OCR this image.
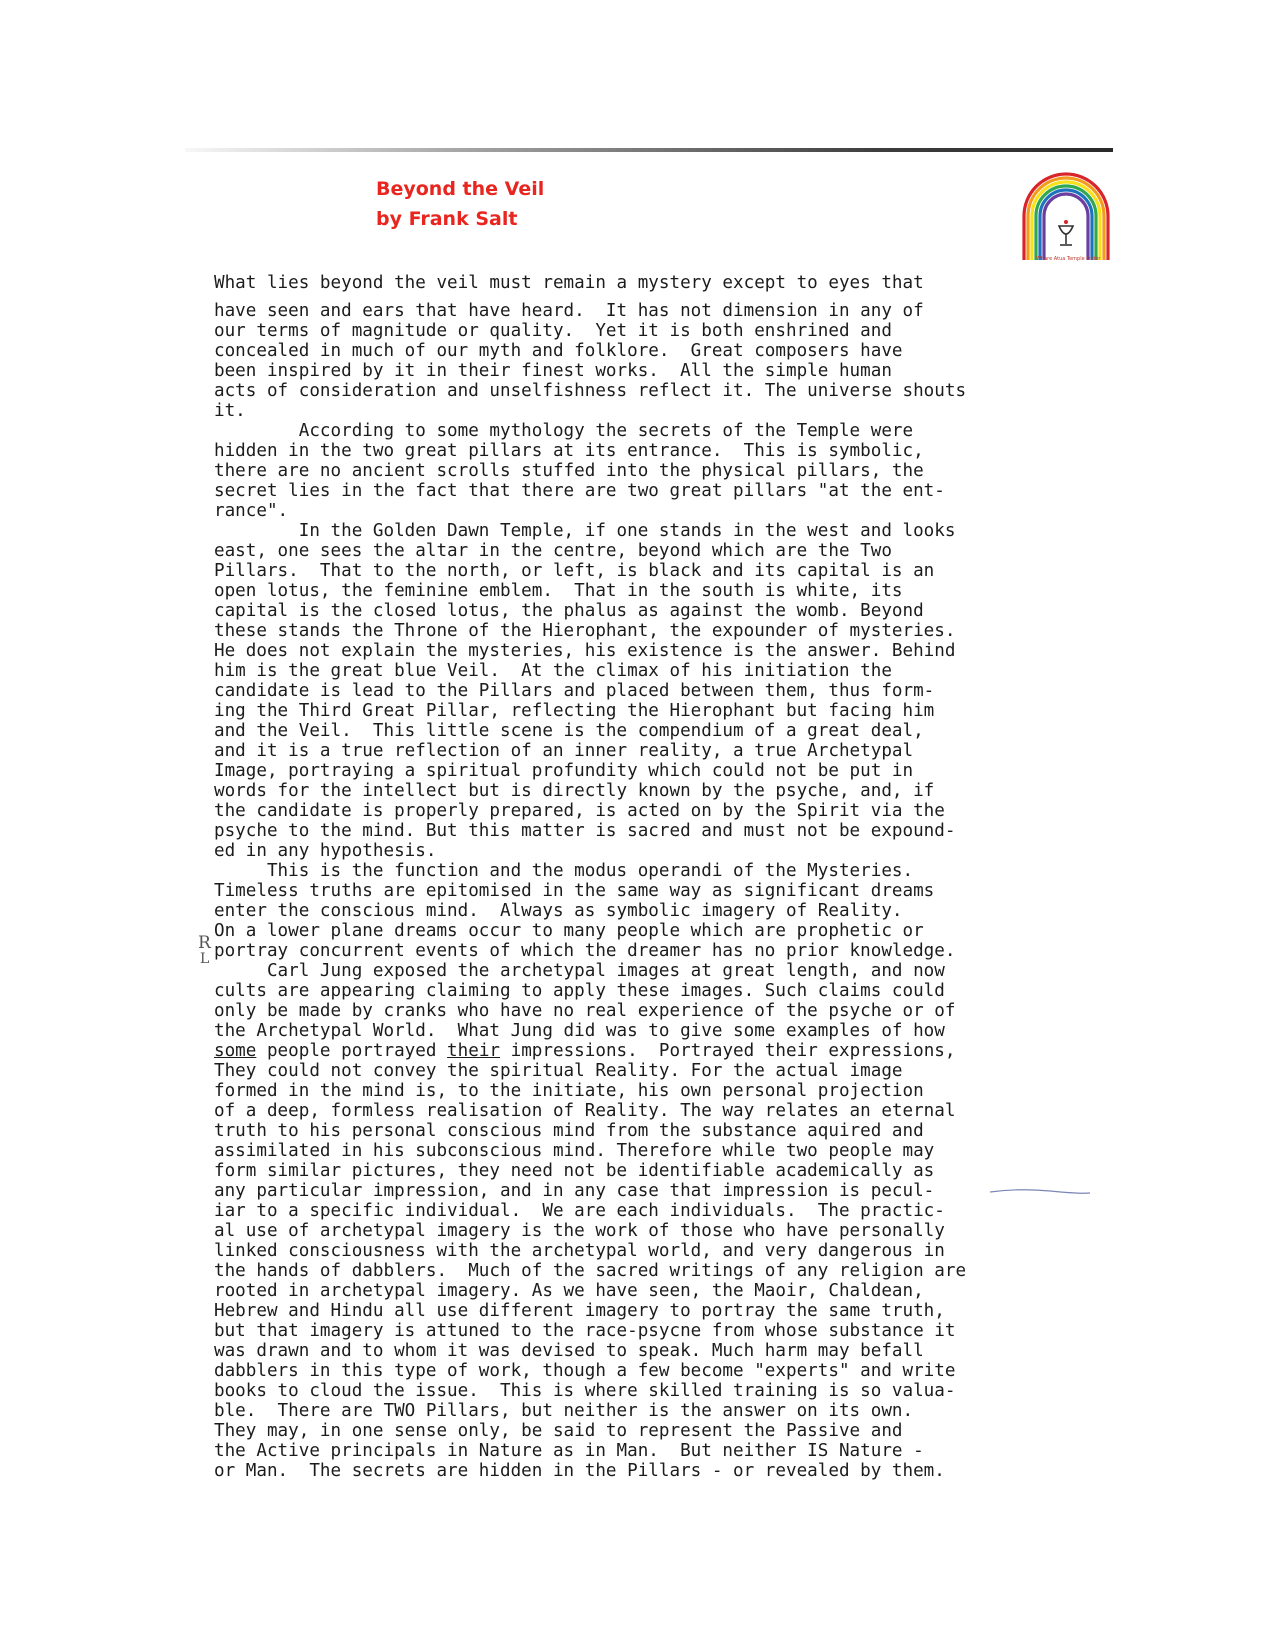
Beyond the Veil
by Frank Salt
Whare Atua Temple Order
What lies beyond the veil must remain a mystery except to eyes that
have seen and ears that have heard.  It has not dimension in any of
our terms of magnitude or quality.  Yet it is both enshrined and
concealed in much of our myth and folklore.  Great composers have
been inspired by it in their finest works.  All the simple human
acts of consideration and unselfishness reflect it. The universe shouts
it.
According to some mythology the secrets of the Temple were
hidden in the two great pillars at its entrance.  This is symbolic,
there are no ancient scrolls stuffed into the physical pillars, the
secret lies in the fact that there are two great pillars "at the ent-
rance".
In the Golden Dawn Temple, if one stands in the west and looks
east, one sees the altar in the centre, beyond which are the Two
Pillars.  That to the north, or left, is black and its capital is an
open lotus, the feminine emblem.  That in the south is white, its
capital is the closed lotus, the phalus as against the womb. Beyond
these stands the Throne of the Hierophant, the expounder of mysteries.
He does not explain the mysteries, his existence is the answer. Behind
him is the great blue Veil.  At the climax of his initiation the
candidate is lead to the Pillars and placed between them, thus form-
ing the Third Great Pillar, reflecting the Hierophant but facing him
and the Veil.  This little scene is the compendium of a great deal,
and it is a true reflection of an inner reality, a true Archetypal
Image, portraying a spiritual profundity which could not be put in
words for the intellect but is directly known by the psyche, and, if
the candidate is properly prepared, is acted on by the Spirit via the
psyche to the mind. But this matter is sacred and must not be expound-
ed in any hypothesis.
This is the function and the modus operandi of the Mysteries.
Timeless truths are epitomised in the same way as significant dreams
enter the conscious mind.  Always as symbolic imagery of Reality.
On a lower plane dreams occur to many people which are prophetic or
portray concurrent events of which the dreamer has no prior knowledge.
Carl Jung exposed the archetypal images at great length, and now
cults are appearing claiming to apply these images. Such claims could
only be made by cranks who have no real experience of the psyche or of
the Archetypal World.  What Jung did was to give some examples of how
some people portrayed their impressions.  Portrayed their expressions,
They could not convey the spiritual Reality. For the actual image
formed in the mind is, to the initiate, his own personal projection
of a deep, formless realisation of Reality. The way relates an eternal
truth to his personal conscious mind from the substance aquired and
assimilated in his subconscious mind. Therefore while two people may
form similar pictures, they need not be identifiable academically as
any particular impression, and in any case that impression is pecul-
iar to a specific individual.  We are each individuals.  The practic-
al use of archetypal imagery is the work of those who have personally
linked consciousness with the archetypal world, and very dangerous in
the hands of dabblers.  Much of the sacred writings of any religion are
rooted in archetypal imagery. As we have seen, the Maoir, Chaldean,
Hebrew and Hindu all use different imagery to portray the same truth,
but that imagery is attuned to the race-psycne from whose substance it
was drawn and to whom it was devised to speak. Much harm may befall
dabblers in this type of work, though a few become "experts" and write
books to cloud the issue.  This is where skilled training is so valua-
ble.  There are TWO Pillars, but neither is the answer on its own.
They may, in one sense only, be said to represent the Passive and
the Active principals in Nature as in Man.  But neither IS Nature -
or Man.  The secrets are hidden in the Pillars - or revealed by them.
R
L
